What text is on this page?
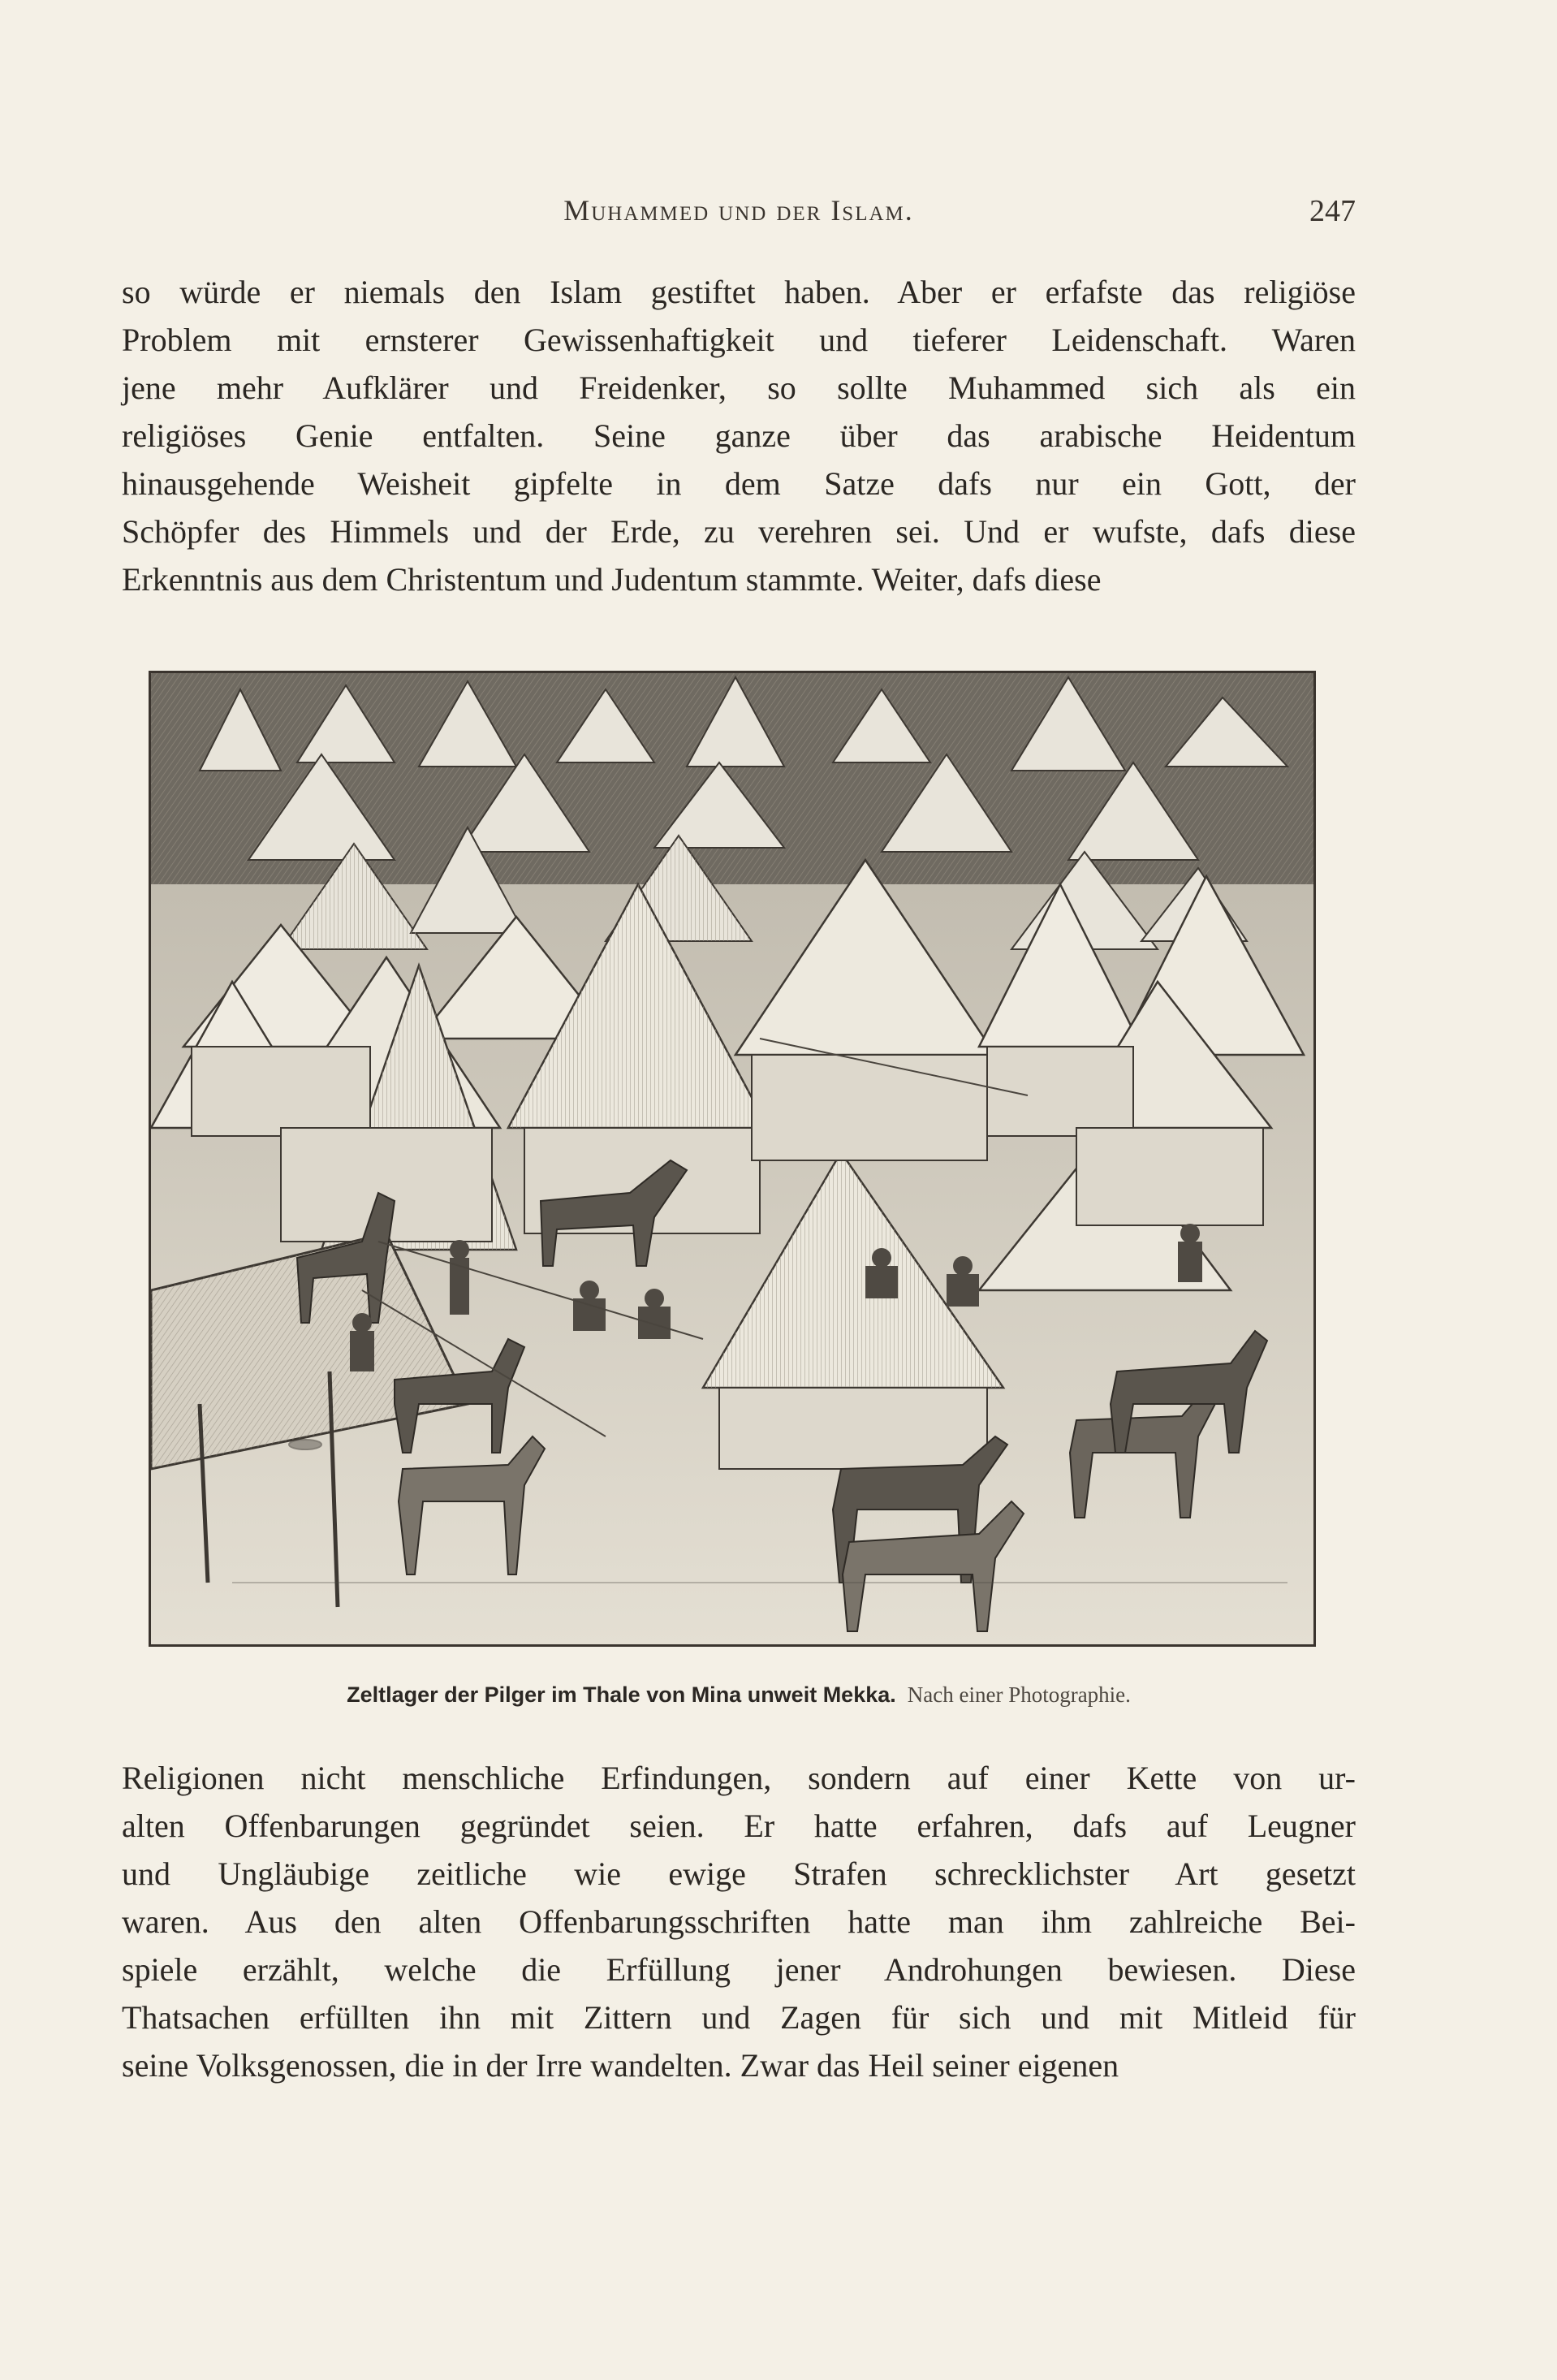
Muhammed und der Islam.	247
so würde er niemals den Islam gestiftet haben. Aber er erfafste das religiöse
Problem mit ernsterer Gewissenhaftigkeit und tieferer Leidenschaft. Waren
jene mehr Aufklärer und Freidenker, so sollte Muhammed sich als ein
religiöses Genie entfalten. Seine ganze über das arabische Heidentum
hinausgehende Weisheit gipfelte in dem Satze dafs nur ein Gott, der
Schöpfer des Himmels und der Erde, zu verehren sei. Und er wufste, dafs diese
Erkenntnis aus dem Christentum und Judentum stammte. Weiter, dafs diese
Zeltlager der Pilger im Thale von Mina unweit Mekka. Nach einer Photographie.
Religionen nicht menschliche Erfindungen, sondern auf einer Kette von ur-
alten Offenbarungen gegründet seien. Er hatte erfahren, dafs auf Leugner
und Ungläubige zeitliche wie ewige Strafen schrecklichster Art gesetzt
waren. Aus den alten Offenbarungsschriften hatte man ihm zahlreiche Bei-
spiele erzählt, welche die Erfüllung jener Androhungen bewiesen. Diese
Thatsachen erfüllten ihn mit Zittern und Zagen für sich und mit Mitleid für
seine Volksgenossen, die in der Irre wandelten. Zwar das Heil seiner eigenen
